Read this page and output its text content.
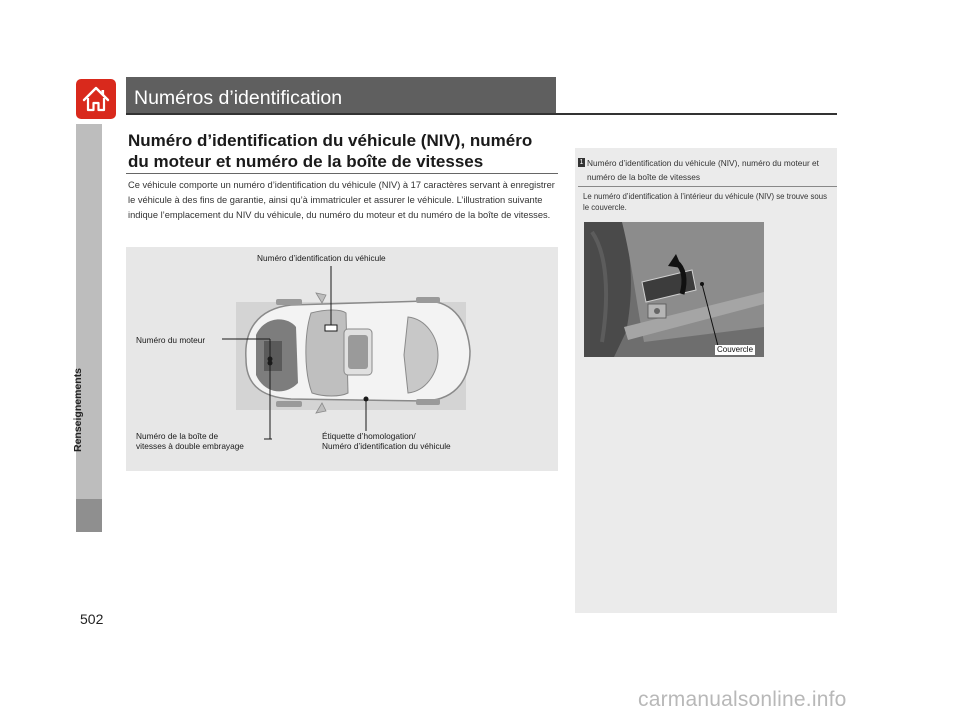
Renseignements
Numéros d’identification
Numéro d’identification du véhicule (NIV), numéro
du moteur et numéro de la boîte de vitesses
Ce véhicule comporte un numéro d’identification du véhicule (NIV) à 17 caractères servant à enregistrer le véhicule à des fins de garantie, ainsi qu’à immatriculer et assurer le véhicule. L’illustration suivante indique l’emplacement du NIV du véhicule, du numéro du moteur et du numéro de la boîte de vitesses.
Numéro d’identification du véhicule
Numéro du moteur
Numéro de la boîte de
vitesses à double embrayage
Étiquette d’homologation/
Numéro d’identification du véhicule
1 Numéro d’identification du véhicule (NIV), numéro du moteur et numéro de la boîte de vitesses
Le numéro d’identification à l’intérieur du véhicule (NIV) se trouve sous le couvercle.
Couvercle
502
carmanualsonline.info
